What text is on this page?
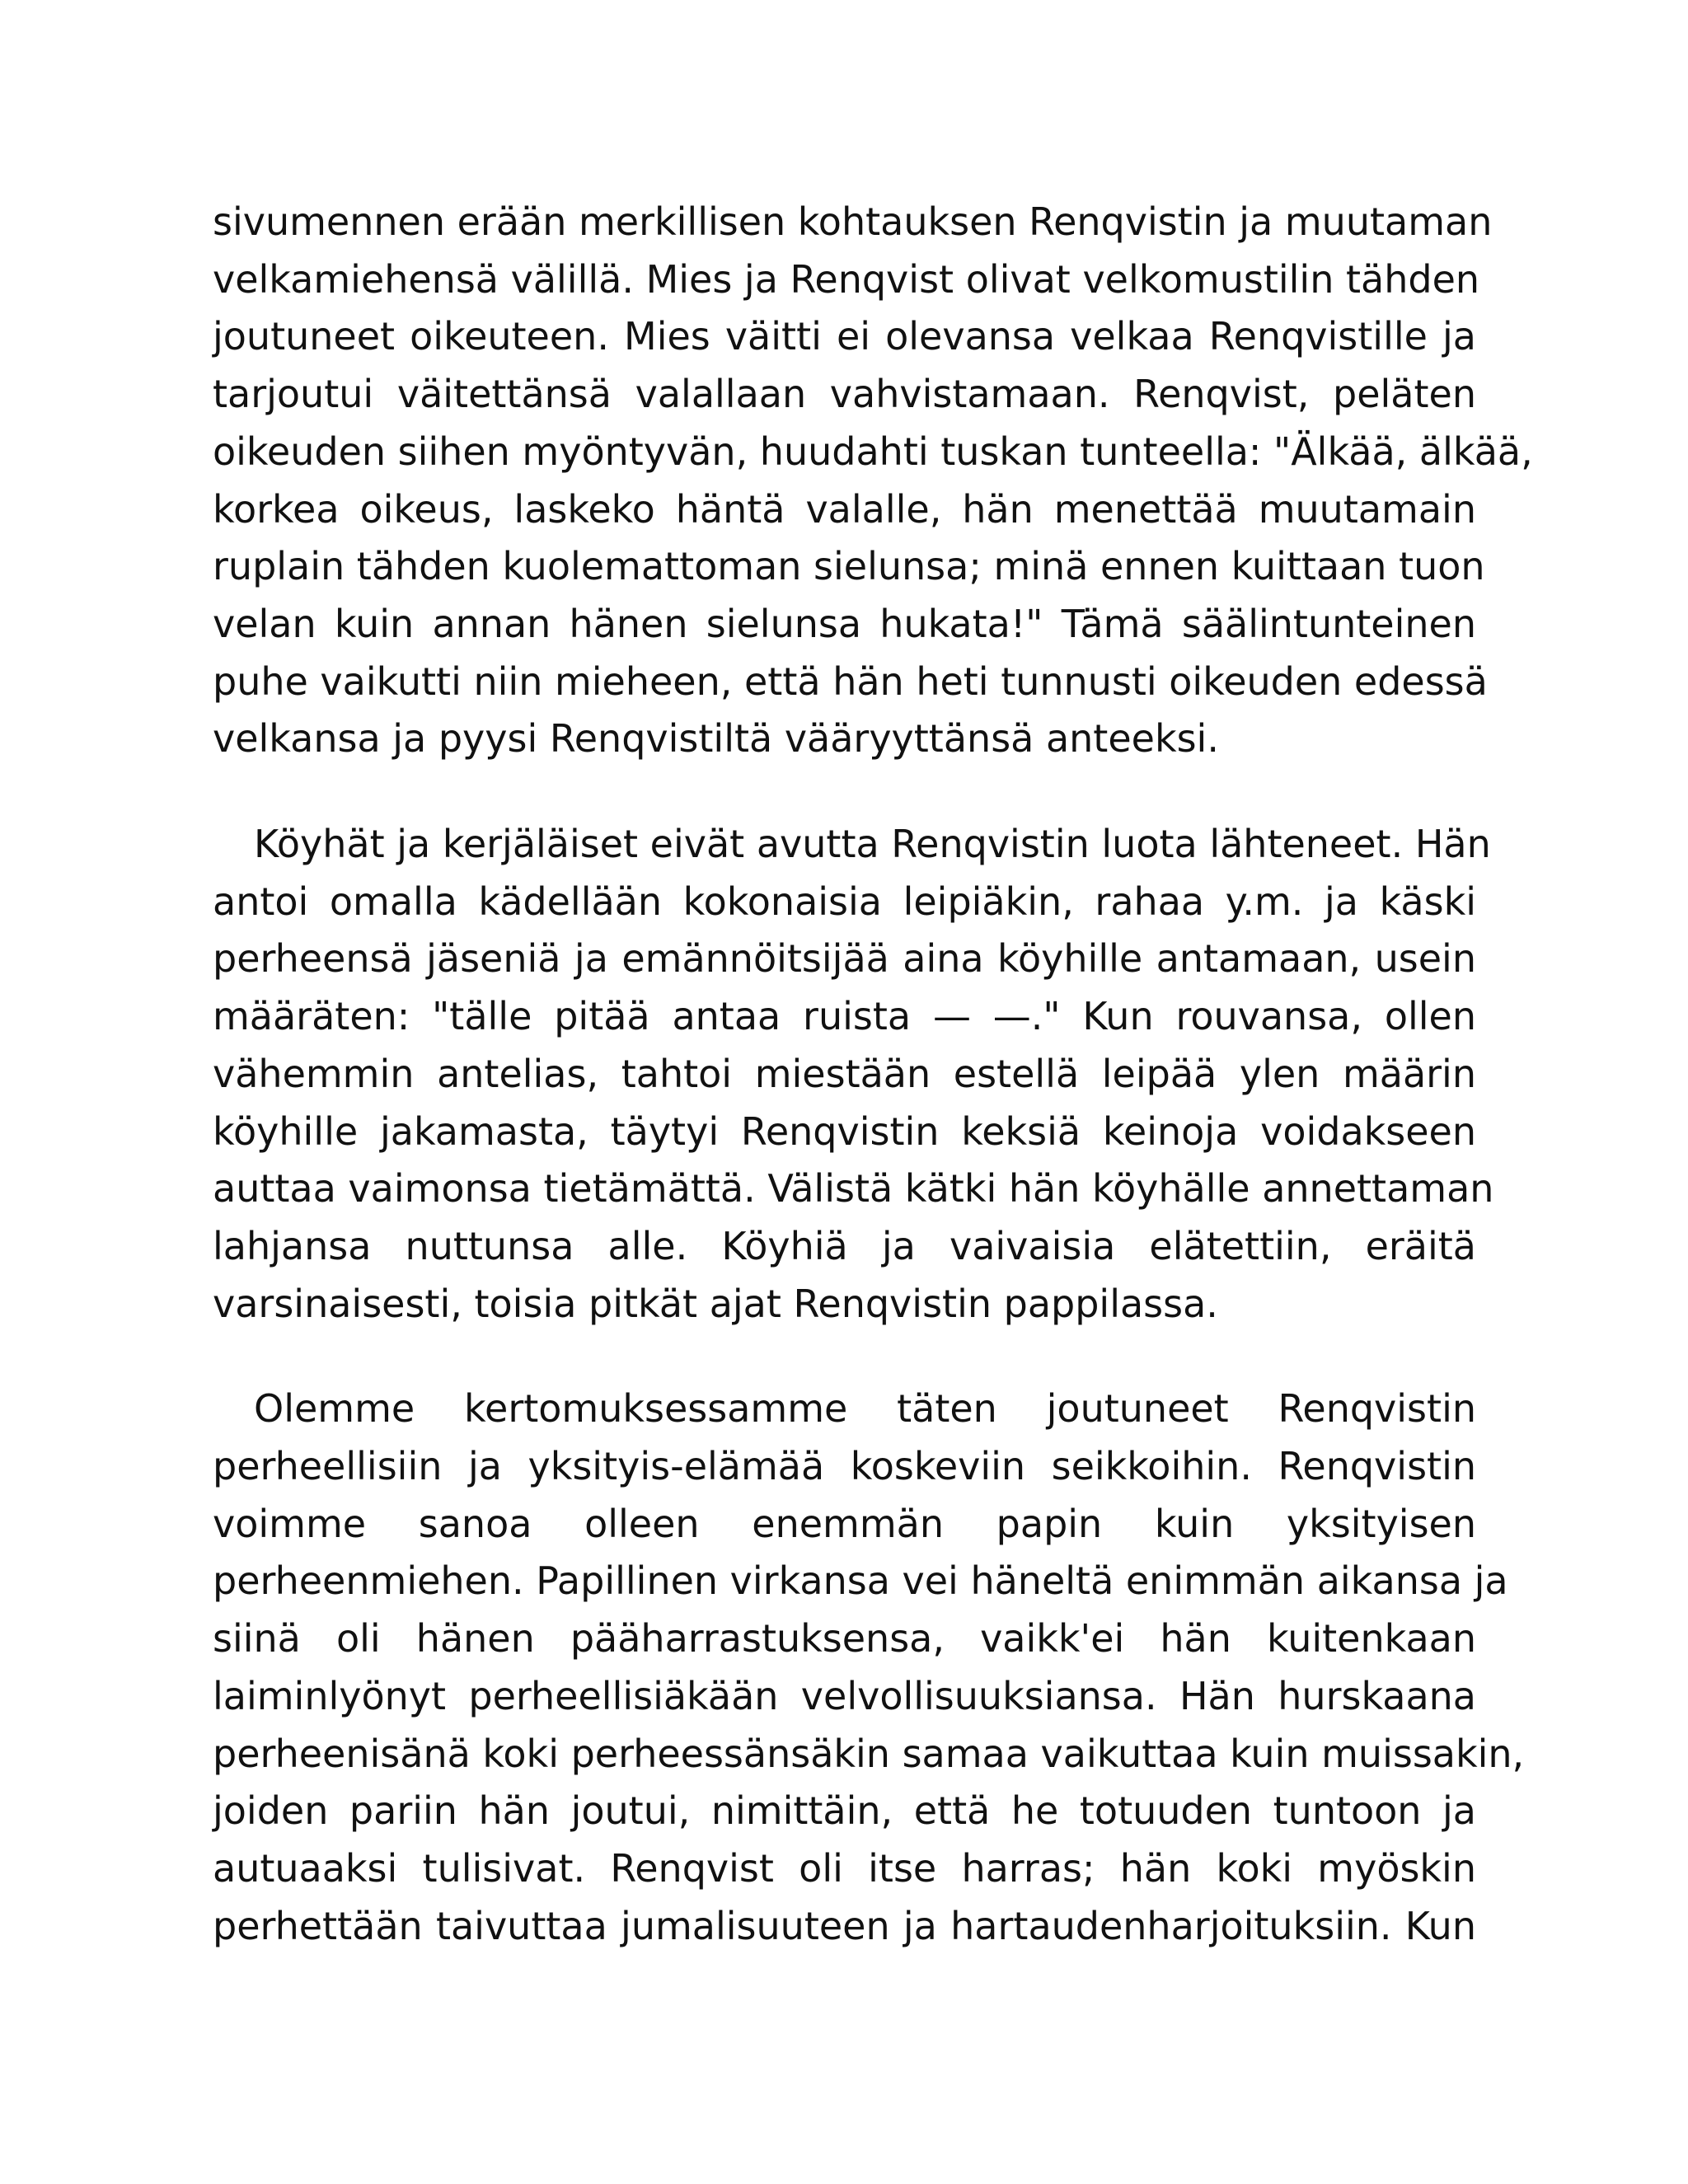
sivumennen erään merkillisen kohtauksen Renqvistin ja muutaman
velkamiehensä välillä. Mies ja Renqvist olivat velkomustilin tähden
joutuneet oikeuteen. Mies väitti ei olevansa velkaa Renqvistille ja
tarjoutui väitettänsä valallaan vahvistamaan. Renqvist, peläten
oikeuden siihen myöntyvän, huudahti tuskan tunteella: "Älkää, älkää,
korkea oikeus, laskeko häntä valalle, hän menettää muutamain
ruplain tähden kuolemattoman sielunsa; minä ennen kuittaan tuon
velan kuin annan hänen sielunsa hukata!" Tämä säälintunteinen
puhe vaikutti niin mieheen, että hän heti tunnusti oikeuden edessä
velkansa ja pyysi Renqvistiltä vääryyttänsä anteeksi.

Köyhät ja kerjäläiset eivät avutta Renqvistin luota lähteneet. Hän
antoi omalla kädellään kokonaisia leipiäkin, rahaa y.m. ja käski
perheensä jäseniä ja emännöitsijää aina köyhille antamaan, usein
määräten: "tälle pitää antaa ruista — —." Kun rouvansa, ollen
vähemmin antelias, tahtoi miestään estellä leipää ylen määrin
köyhille jakamasta, täytyi Renqvistin keksiä keinoja voidakseen
auttaa vaimonsa tietämättä. Välistä kätki hän köyhälle annettaman
lahjansa nuttunsa alle. Köyhiä ja vaivaisia elätettiin, eräitä
varsinaisesti, toisia pitkät ajat Renqvistin pappilassa.

Olemme kertomuksessamme täten joutuneet Renqvistin
perheellisiin ja yksityis-elämää koskeviin seikkoihin. Renqvistin
voimme sanoa olleen enemmän papin kuin yksityisen
perheenmiehen. Papillinen virkansa vei häneltä enimmän aikansa ja
siinä oli hänen pääharrastuksensa, vaikk'ei hän kuitenkaan
laiminlyönyt perheellisiäkään velvollisuuksiansa. Hän hurskaana
perheenisänä koki perheessänsäkin samaa vaikuttaa kuin muissakin,
joiden pariin hän joutui, nimittäin, että he totuuden tuntoon ja
autuaaksi tulisivat. Renqvist oli itse harras; hän koki myöskin
perhettään taivuttaa jumalisuuteen ja hartaudenharjoituksiin. Kun
